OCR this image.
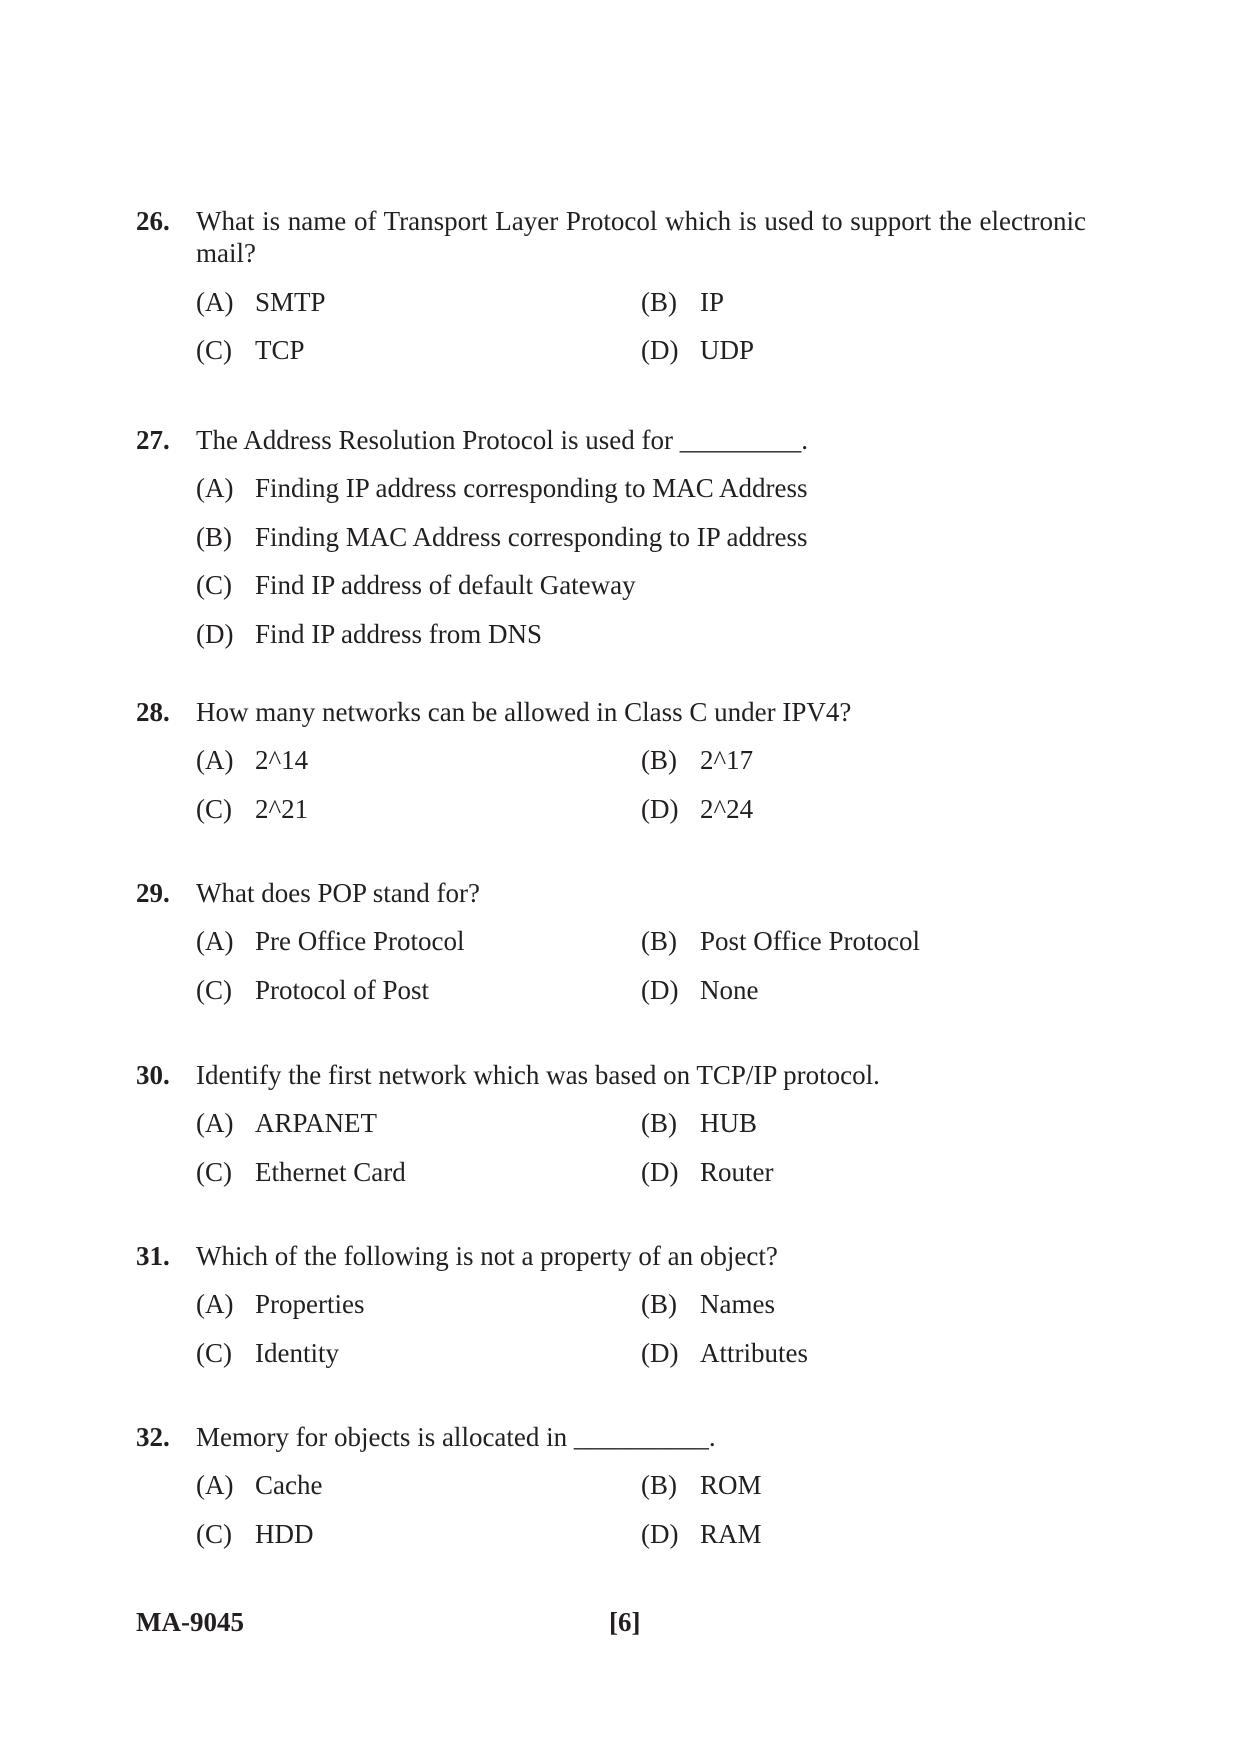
26. What is name of Transport Layer Protocol which is used to support the electronic mail?
(A) SMTP	(B) IP
(C) TCP	(D) UDP
27. The Address Resolution Protocol is used for _________.
(A) Finding IP address corresponding to MAC Address
(B) Finding MAC Address corresponding to IP address
(C) Find IP address of default Gateway
(D) Find IP address from DNS
28. How many networks can be allowed in Class C under IPV4?
(A) 2^14	(B) 2^17
(C) 2^21	(D) 2^24
29. What does POP stand for?
(A) Pre Office Protocol	(B) Post Office Protocol
(C) Protocol of Post	(D) None
30. Identify the first network which was based on TCP/IP protocol.
(A) ARPANET	(B) HUB
(C) Ethernet Card	(D) Router
31. Which of the following is not a property of an object?
(A) Properties	(B) Names
(C) Identity	(D) Attributes
32. Memory for objects is allocated in __________.
(A) Cache	(B) ROM
(C) HDD	(D) RAM
MA-9045	[6]
